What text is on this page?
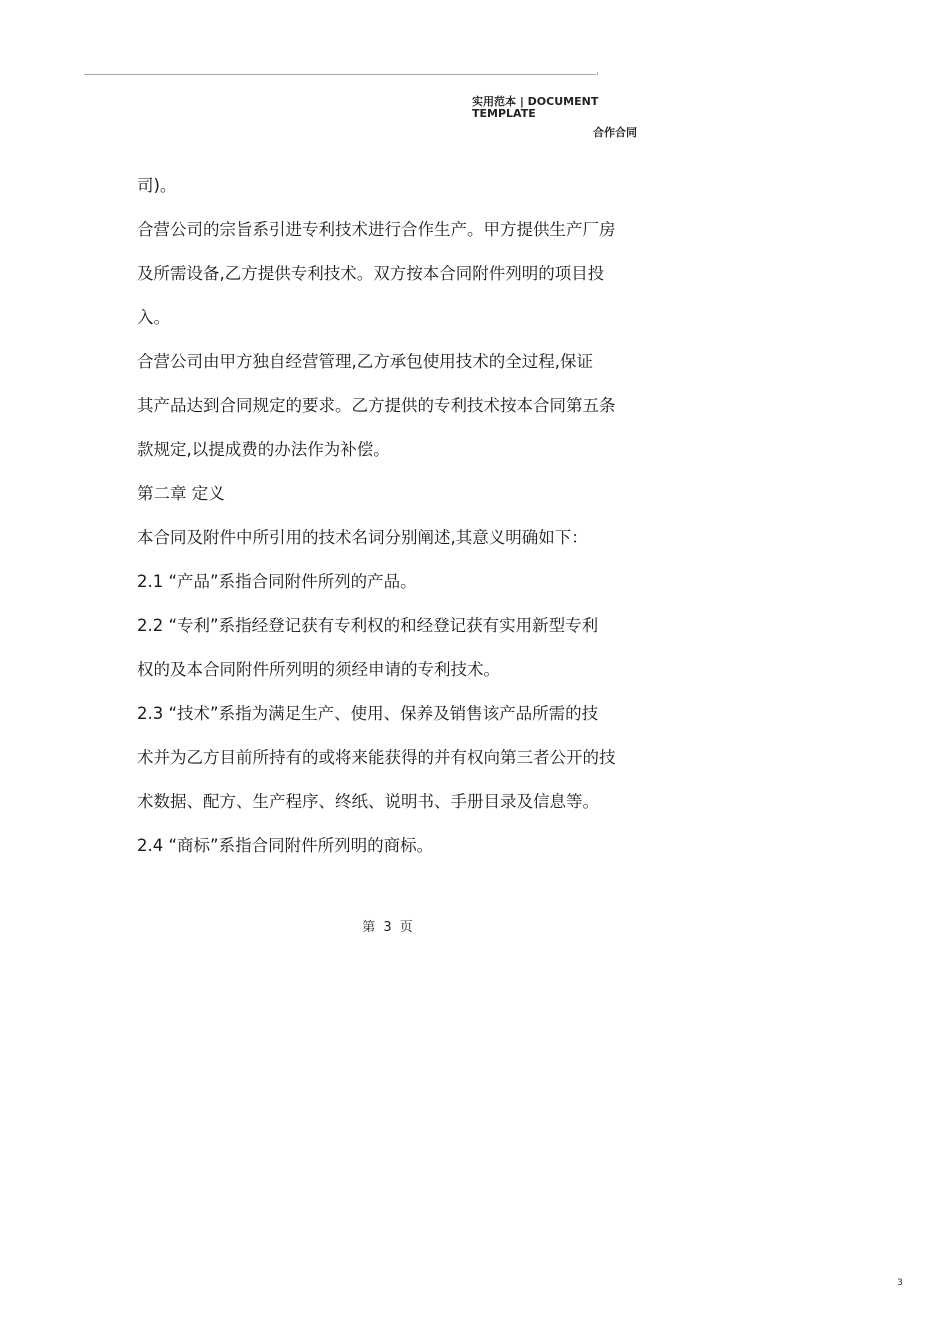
实用范本 | DOCUMENT TEMPLATE
合作合同

司)。

合营公司的宗旨系引进专利技术进行合作生产。甲方提供生产厂房

及所需设备,乙方提供专利技术。双方按本合同附件列明的项目投

入。

合营公司由甲方独自经营管理,乙方承包使用技术的全过程,保证

其产品达到合同规定的要求。乙方提供的专利技术按本合同第五条

款规定,以提成费的办法作为补偿。

第二章 定义

本合同及附件中所引用的技术名词分别阐述,其意义明确如下：

2.1 “产品”系指合同附件所列的产品。

2.2 “专利”系指经登记获有专利权的和经登记获有实用新型专利

权的及本合同附件所列明的须经申请的专利技术。

2.3 “技术”系指为满足生产、使用、保养及销售该产品所需的技

术并为乙方目前所持有的或将来能获得的并有权向第三者公开的技

术数据、配方、生产程序、终纸、说明书、手册目录及信息等。

2.4 “商标”系指合同附件所列明的商标。

第 3 页
3
